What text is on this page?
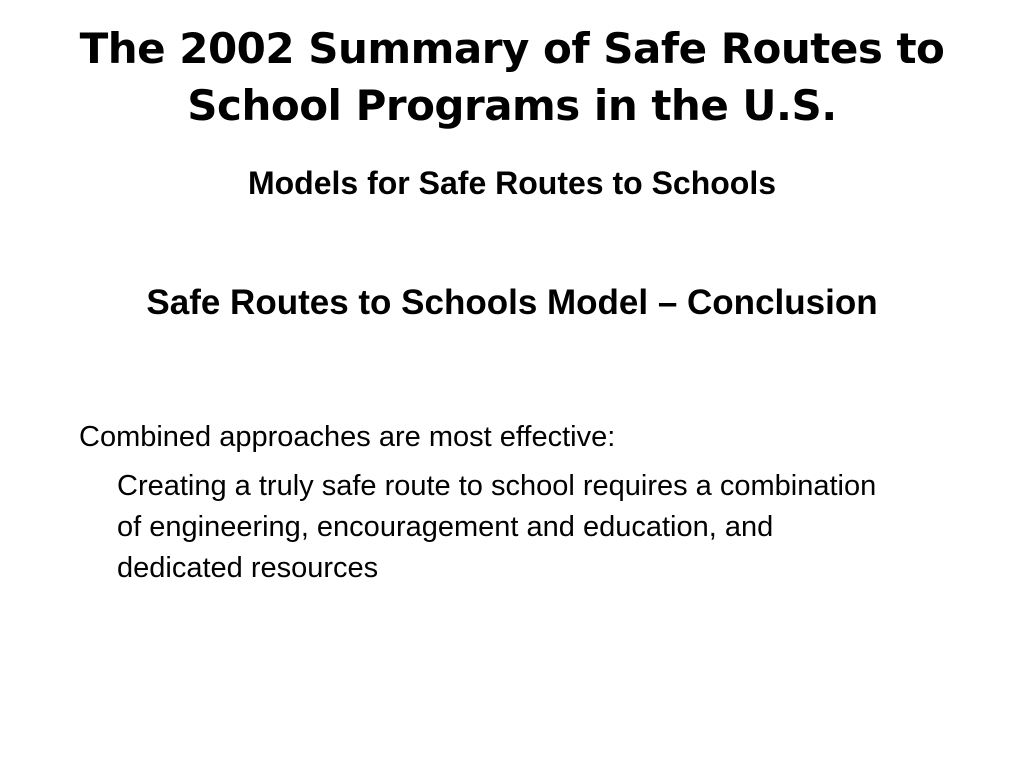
The 2002 Summary of Safe Routes to School Programs in the U.S.
Models for Safe Routes to Schools
Safe Routes to Schools Model – Conclusion

Combined approaches are most effective:

Creating a truly safe route to school requires a combination of engineering, encouragement and education, and dedicated resources
